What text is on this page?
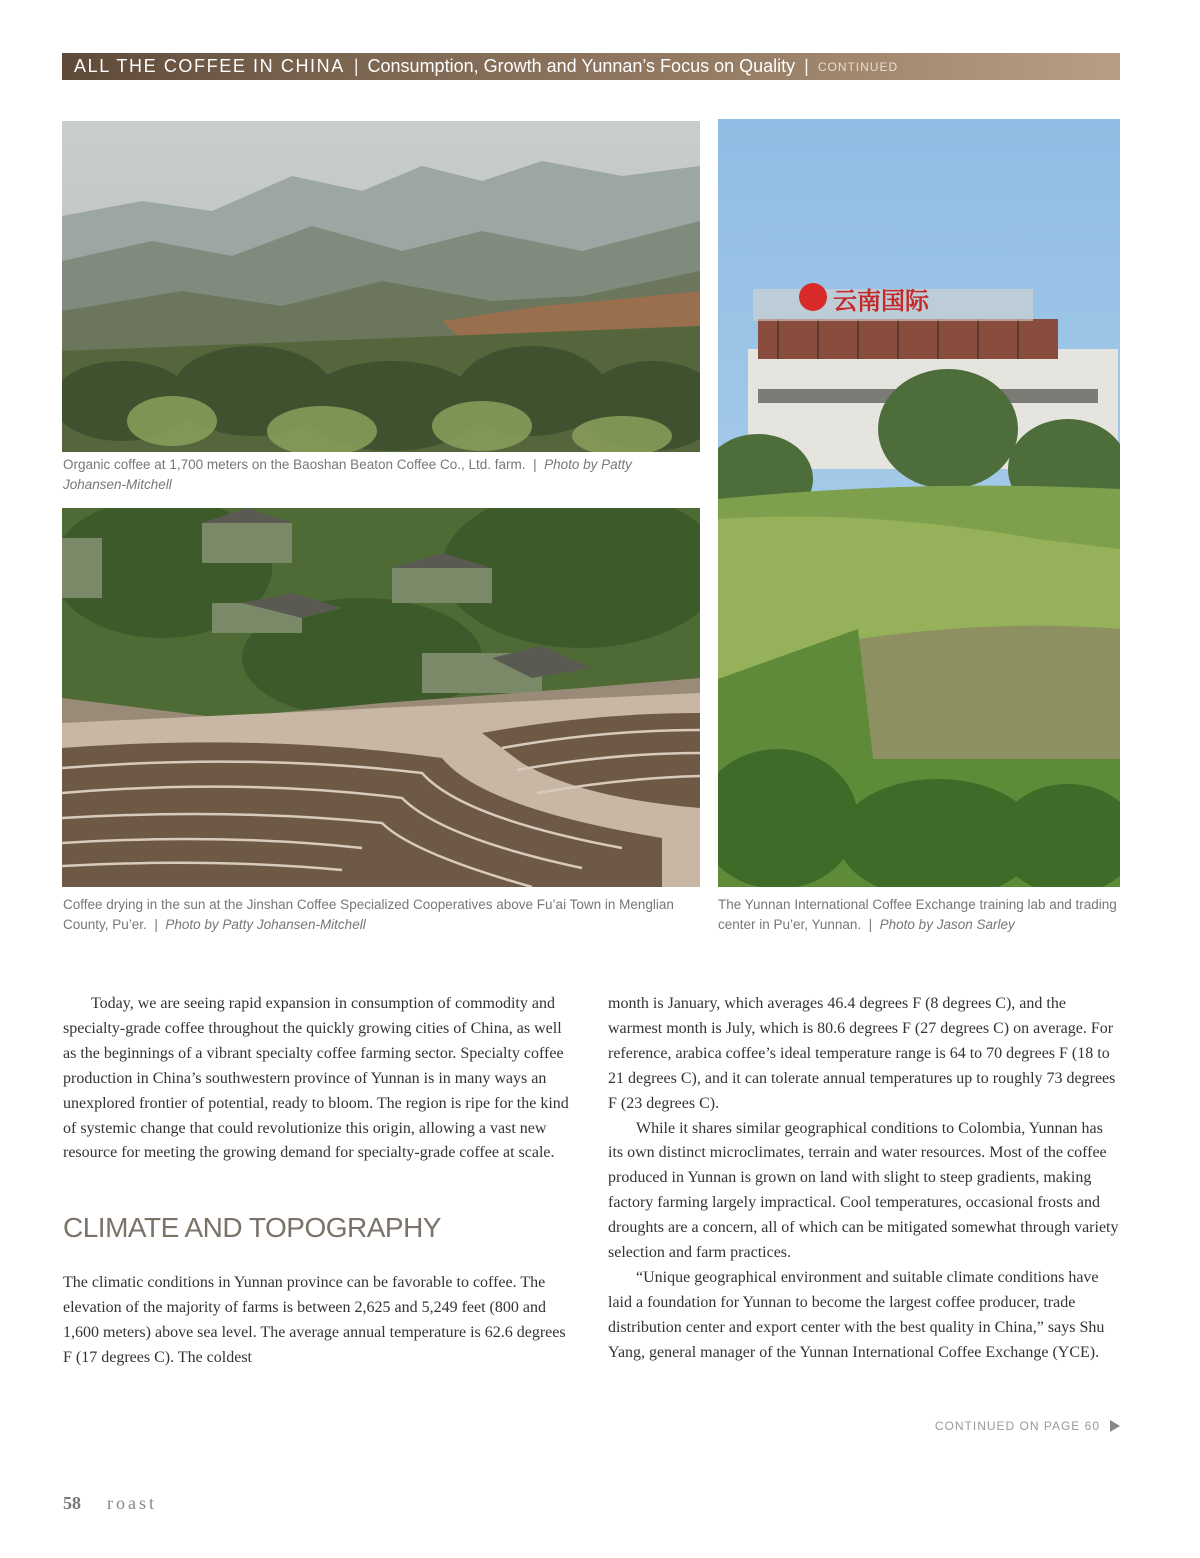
ALL THE COFFEE IN CHINA | Consumption, Growth and Yunnan’s Focus on Quality | CONTINUED
Organic coffee at 1,700 meters on the Baoshan Beaton Coffee Co., Ltd. farm. | Photo by Patty Johansen-Mitchell
Coffee drying in the sun at the Jinshan Coffee Specialized Cooperatives above Fu’ai Town in Menglian County, Pu’er. | Photo by Patty Johansen-Mitchell
云南国际
The Yunnan International Coffee Exchange training lab and trading center in Pu’er, Yunnan. | Photo by Jason Sarley

Today, we are seeing rapid expansion in consumption of commodity and specialty-grade coffee throughout the quickly growing cities of China, as well as the beginnings of a vibrant specialty coffee farming sector. Specialty coffee production in China’s southwestern province of Yunnan is in many ways an unexplored frontier of potential, ready to bloom. The region is ripe for the kind of systemic change that could revolutionize this origin, allowing a vast new resource for meeting the growing demand for specialty-grade coffee at scale.

CLIMATE AND TOPOGRAPHY

The climatic conditions in Yunnan province can be favorable to coffee. The elevation of the majority of farms is between 2,625 and 5,249 feet (800 and 1,600 meters) above sea level. The average annual temperature is 62.6 degrees F (17 degrees C). The coldest

month is January, which averages 46.4 degrees F (8 degrees C), and the warmest month is July, which is 80.6 degrees F (27 degrees C) on average. For reference, arabica coffee’s ideal temperature range is 64 to 70 degrees F (18 to 21 degrees C), and it can tolerate annual temperatures up to roughly 73 degrees F (23 degrees C).

While it shares similar geographical conditions to Colombia, Yunnan has its own distinct microclimates, terrain and water resources. Most of the coffee produced in Yunnan is grown on land with slight to steep gradients, making factory farming largely impractical. Cool temperatures, occasional frosts and droughts are a concern, all of which can be mitigated somewhat through variety selection and farm practices.

“Unique geographical environment and suitable climate conditions have laid a foundation for Yunnan to become the largest coffee producer, trade distribution center and export center with the best quality in China,” says Shu Yang, general manager of the Yunnan International Coffee Exchange (YCE).

CONTINUED ON PAGE 60
58 roast
